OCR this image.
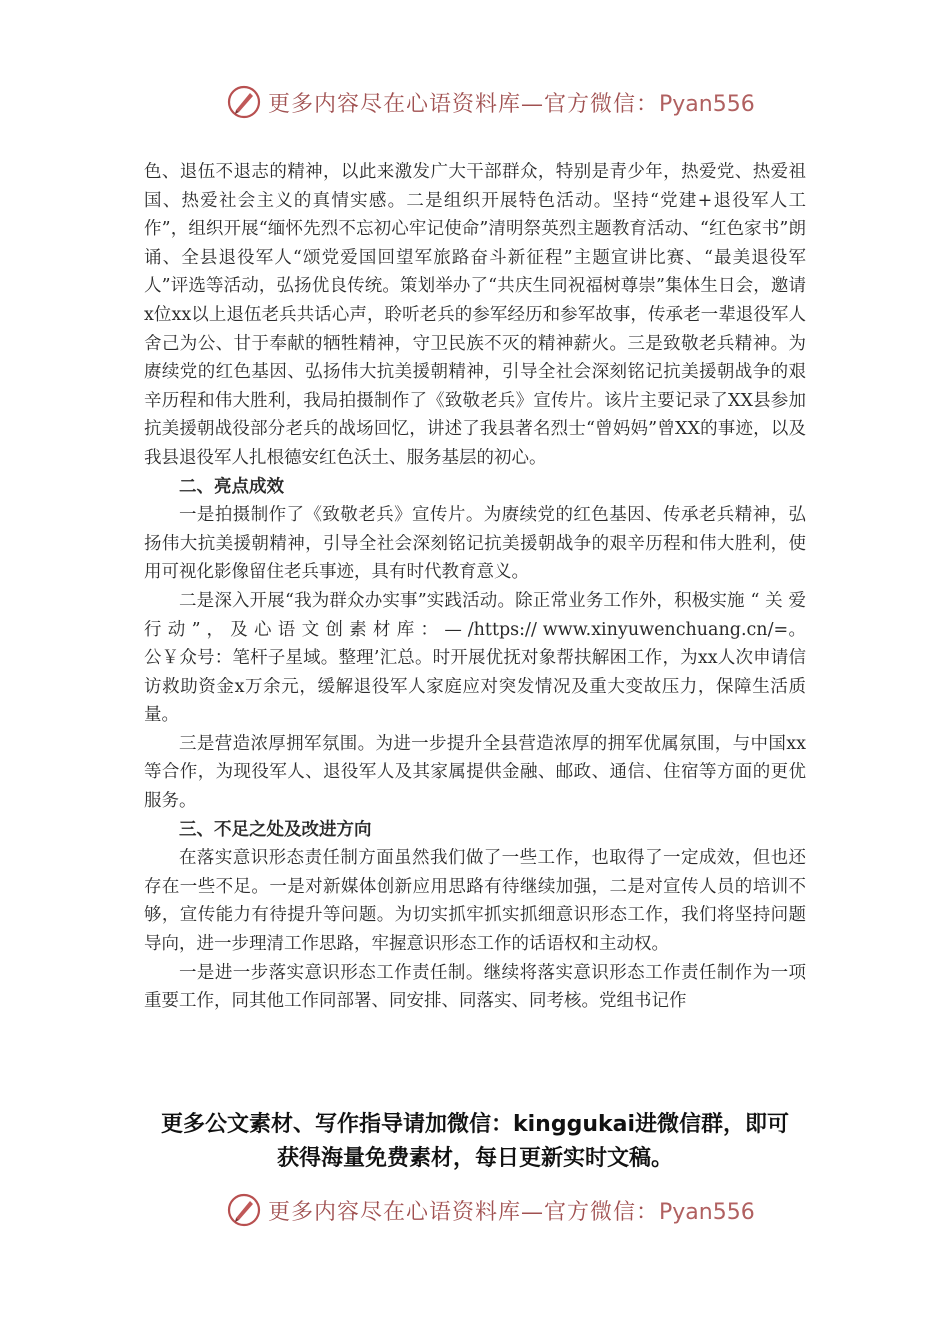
更多内容尽在心语资料库—官方微信：Pyan556

色、退伍不退志的精神，以此来激发广大干部群众，特别是青少年，热爱党、热爱祖国、热爱社会主义的真情实感。二是组织开展特色活动。坚持“党建+退役军人工作”，组织开展“缅怀先烈不忘初心牢记使命”清明祭英烈主题教育活动、“红色家书”朗诵、全县退役军人“颂党爱国回望军旅路奋斗新征程”主题宣讲比赛、“最美退役军人”评选等活动，弘扬优良传统。策划举办了“共庆生同祝福树尊崇”集体生日会，邀请x位xx以上退伍老兵共话心声，聆听老兵的参军经历和参军故事，传承老一辈退役军人舍己为公、甘于奉献的牺牲精神，守卫民族不灭的精神薪火。三是致敬老兵精神。为赓续党的红色基因、弘扬伟大抗美援朝精神，引导全社会深刻铭记抗美援朝战争的艰辛历程和伟大胜利，我局拍摄制作了《致敬老兵》宣传片。该片主要记录了XX县参加抗美援朝战役部分老兵的战场回忆，讲述了我县著名烈士“曾妈妈”曾XX的事迹，以及我县退役军人扎根德安红色沃土、服务基层的初心。

二、亮点成效

一是拍摄制作了《致敬老兵》宣传片。为赓续党的红色基因、传承老兵精神，弘扬伟大抗美援朝精神，引导全社会深刻铭记抗美援朝战争的艰辛历程和伟大胜利，使用可视化影像留住老兵事迹，具有时代教育意义。

二是深入开展“我为群众办实事”实践活动。除正常业务工作外，积极实施 “ 关 爱 行 动 ” ， 及 心 语 文 创 素 材 库 ： — /https:// www.xinyuwenchuang.cn/=。公￥众号：笔杆子星域。整理’汇总。时开展优抚对象帮扶解困工作，为xx人次申请信访救助资金x万余元，缓解退役军人家庭应对突发情况及重大变故压力，保障生活质量。

三是营造浓厚拥军氛围。为进一步提升全县营造浓厚的拥军优属氛围，与中国xx等合作，为现役军人、退役军人及其家属提供金融、邮政、通信、住宿等方面的更优服务。

三、不足之处及改进方向

在落实意识形态责任制方面虽然我们做了一些工作，也取得了一定成效，但也还存在一些不足。一是对新媒体创新应用思路有待继续加强，二是对宣传人员的培训不够，宣传能力有待提升等问题。为切实抓牢抓实抓细意识形态工作，我们将坚持问题导向，进一步理清工作思路，牢握意识形态工作的话语权和主动权。

一是进一步落实意识形态工作责任制。继续将落实意识形态工作责任制作为一项重要工作，同其他工作同部署、同安排、同落实、同考核。党组书记作

更多公文素材、写作指导请加微信：kinggukai进微信群，即可
获得海量免费素材，每日更新实时文稿。
更多内容尽在心语资料库—官方微信：Pyan556
